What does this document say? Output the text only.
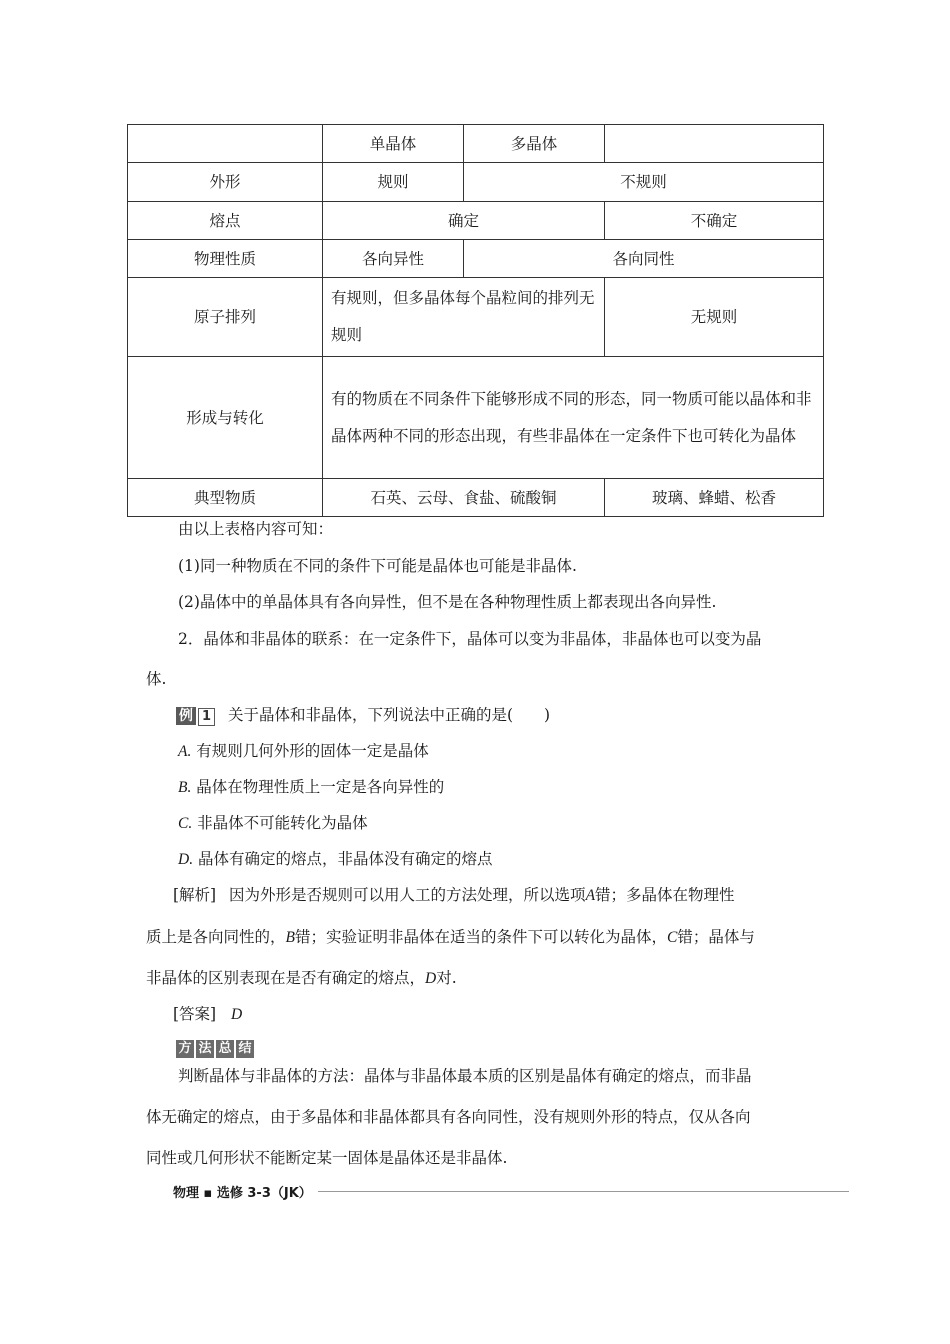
	单晶体	多晶体	
外形	规则	不规则	
熔点	确定		不确定
物理性质	各向异性	各向同性	
原子排列	有规则，但多晶体每个晶粒间的排列无规则		无规则
形成与转化	有的物质在不同条件下能够形成不同的形态，同一物质可能以晶体和非晶体两种不同的形态出现，有些非晶体在一定条件下也可转化为晶体		
典型物质	石英、云母、食盐、硫酸铜		玻璃、蜂蜡、松香
由以上表格内容可知：
(1)同一种物质在不同的条件下可能是晶体也可能是非晶体.
(2)晶体中的单晶体具有各向异性，但不是在各种物理性质上都表现出各向异性.
2．晶体和非晶体的联系：在一定条件下，晶体可以变为非晶体，非晶体也可以变为晶
体.
例 1 关于晶体和非晶体，下列说法中正确的是(　　)
A. 有规则几何外形的固体一定是晶体
B. 晶体在物理性质上一定是各向异性的
C. 非晶体不可能转化为晶体
D. 晶体有确定的熔点，非晶体没有确定的熔点
[解析] 因为外形是否规则可以用人工的方法处理，所以选项A错；多晶体在物理性
质上是各向同性的，B错；实验证明非晶体在适当的条件下可以转化为晶体，C错；晶体与
非晶体的区别表现在是否有确定的熔点，D对.
[答案] D
方 法 总 结
判断晶体与非晶体的方法：晶体与非晶体最本质的区别是晶体有确定的熔点，而非晶
体无确定的熔点，由于多晶体和非晶体都具有各向同性，没有规则外形的特点，仅从各向
同性或几何形状不能断定某一固体是晶体还是非晶体.
物理 ▪ 选修 3-3（JK）
